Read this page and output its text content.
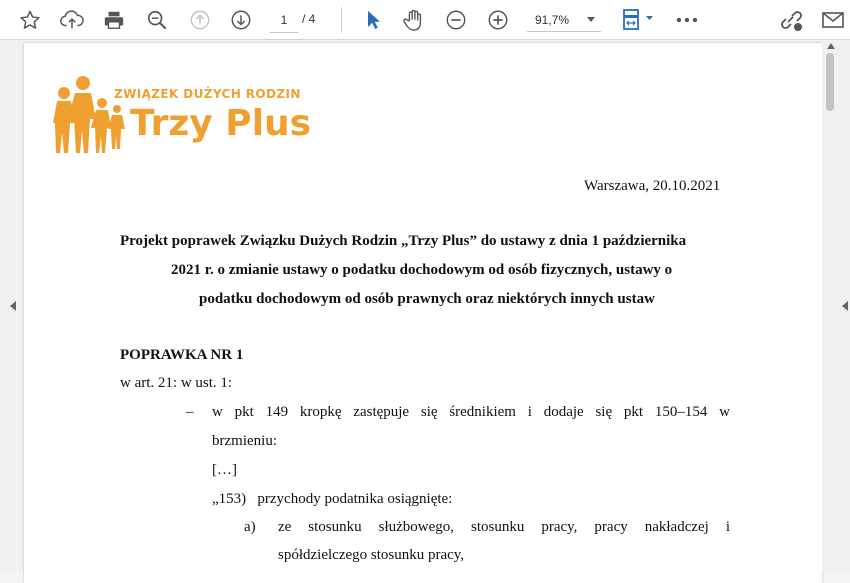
1	/ 4	91,7%
ZWIĄZEK DUŻYCH RODZIN
Trzy Plus
Warszawa, 20.10.2021
Projekt poprawek Związku Dużych Rodzin „Trzy Plus” do ustawy z dnia 1 października
2021 r. o zmianie ustawy o podatku dochodowym od osób fizycznych, ustawy o
podatku dochodowym od osób prawnych oraz niektórych innych ustaw
POPRAWKA NR 1
w art. 21: w ust. 1:
– w pkt 149 kropkę zastępuje się średnikiem i dodaje się pkt 150–154 w
brzmieniu:
[…]
„153)   przychody podatnika osiągnięte:
a) ze stosunku służbowego, stosunku pracy, pracy nakładczej i
spółdzielczego stosunku pracy,
